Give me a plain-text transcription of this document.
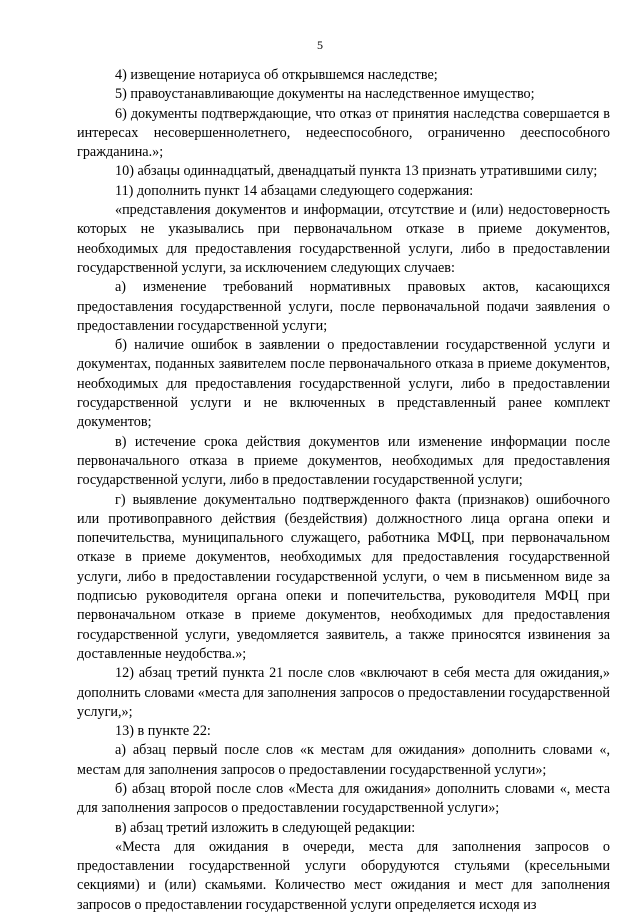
5

4) извещение нотариуса об открывшемся наследстве;

5) правоустанавливающие документы на наследственное имущество;

6) документы подтверждающие, что отказ от принятия наследства совершается в интересах несовершеннолетнего, недееспособного, ограниченно дееспособного гражданина.»;

10) абзацы одиннадцатый, двенадцатый пункта 13 признать утратившими силу;

11) дополнить пункт 14 абзацами следующего содержания:

«представления документов и информации, отсутствие и (или) недостоверность которых не указывались при первоначальном отказе в приеме документов, необходимых для предоставления государственной услуги, либо в предоставлении государственной услуги, за исключением следующих случаев:

а) изменение требований нормативных правовых актов, касающихся предоставления государственной услуги, после первоначальной подачи заявления о предоставлении государственной услуги;

б) наличие ошибок в заявлении о предоставлении государственной услуги и документах, поданных заявителем после первоначального отказа в приеме документов, необходимых для предоставления государственной услуги, либо в предоставлении государственной услуги и не включенных в представленный ранее комплект документов;

в) истечение срока действия документов или изменение информации после первоначального отказа в приеме документов, необходимых для предоставления государственной услуги, либо в предоставлении государственной услуги;

г) выявление документально подтвержденного факта (признаков) ошибочного или противоправного действия (бездействия) должностного лица органа опеки и попечительства, муниципального служащего, работника МФЦ, при первоначальном отказе в приеме документов, необходимых для предоставления государственной услуги, либо в предоставлении государственной услуги, о чем в письменном виде за подписью руководителя органа опеки и попечительства, руководителя МФЦ при первоначальном отказе в приеме документов, необходимых для предоставления государственной услуги, уведомляется заявитель, а также приносятся извинения за доставленные неудобства.»;

12) абзац третий пункта 21 после слов «включают в себя места для ожидания,» дополнить словами «места для заполнения запросов о предоставлении государственной услуги,»;

13) в пункте 22:

а) абзац первый после слов «к местам для ожидания» дополнить словами «, местам для заполнения запросов о предоставлении государственной услуги»;

б) абзац второй после слов «Места для ожидания» дополнить словами «, места для заполнения запросов о предоставлении государственной услуги»;

в) абзац третий изложить в следующей редакции:

«Места для ожидания в очереди, места для заполнения запросов о предоставлении государственной услуги оборудуются стульями (кресельными секциями) и (или) скамьями. Количество мест ожидания и мест для заполнения запросов о предоставлении государственной услуги определяется исходя из
